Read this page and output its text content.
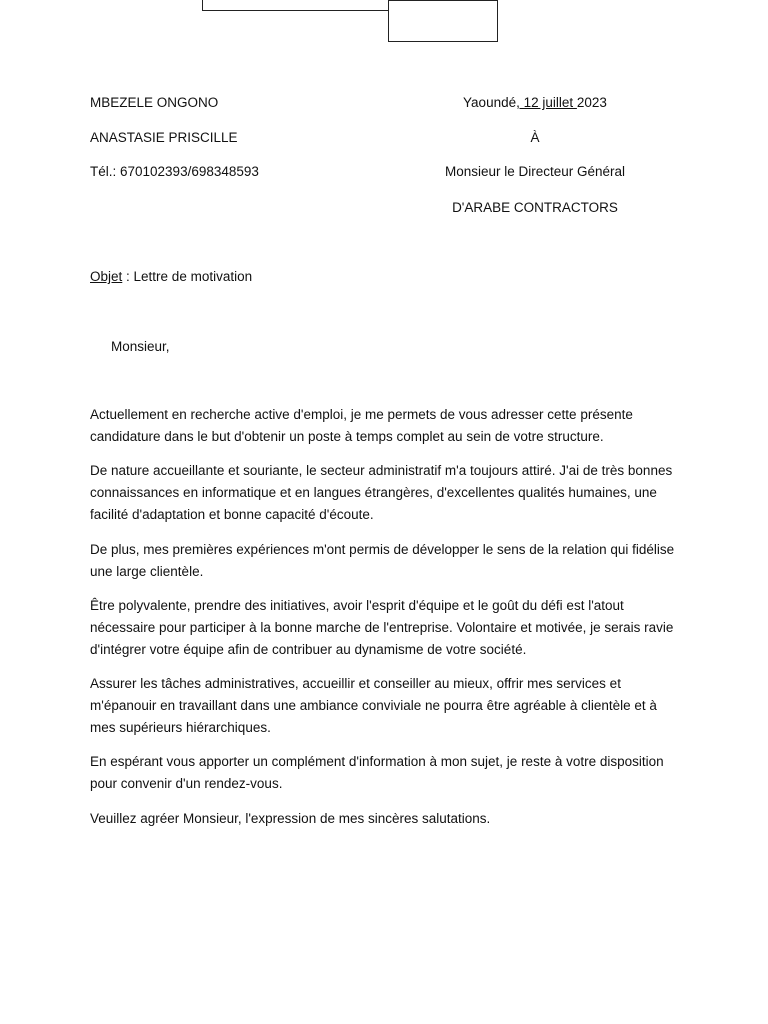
MBEZELE ONGONO
ANASTASIE PRISCILLE
Tél.: 670102393/698348593
Yaoundé, 12 juillet 2023
À
Monsieur le Directeur Général
D'ARABE CONTRACTORS
Objet : Lettre de motivation
Monsieur,

Actuellement en recherche active d'emploi, je me permets de vous adresser cette présente candidature dans le but d'obtenir un poste à temps complet au sein de votre structure.

De nature accueillante et souriante, le secteur administratif m'a toujours attiré. J'ai de très bonnes connaissances en informatique et en langues étrangères, d'excellentes qualités humaines, une facilité d'adaptation et bonne capacité d'écoute.

De plus, mes premières expériences m'ont permis de développer le sens de la relation qui fidélise une large clientèle.

Être polyvalente, prendre des initiatives, avoir l'esprit d'équipe et le goût du défi est l'atout nécessaire pour participer à la bonne marche de l'entreprise. Volontaire et motivée, je serais ravie d'intégrer votre équipe afin de contribuer au dynamisme de votre société.

Assurer les tâches administratives, accueillir et conseiller au mieux, offrir mes services et m'épanouir en travaillant dans une ambiance conviviale ne pourra être agréable à clientèle et à mes supérieurs hiérarchiques.

En espérant vous apporter un complément d'information à mon sujet, je reste à votre disposition pour convenir d'un rendez-vous.

Veuillez agréer Monsieur, l'expression de mes sincères salutations.
